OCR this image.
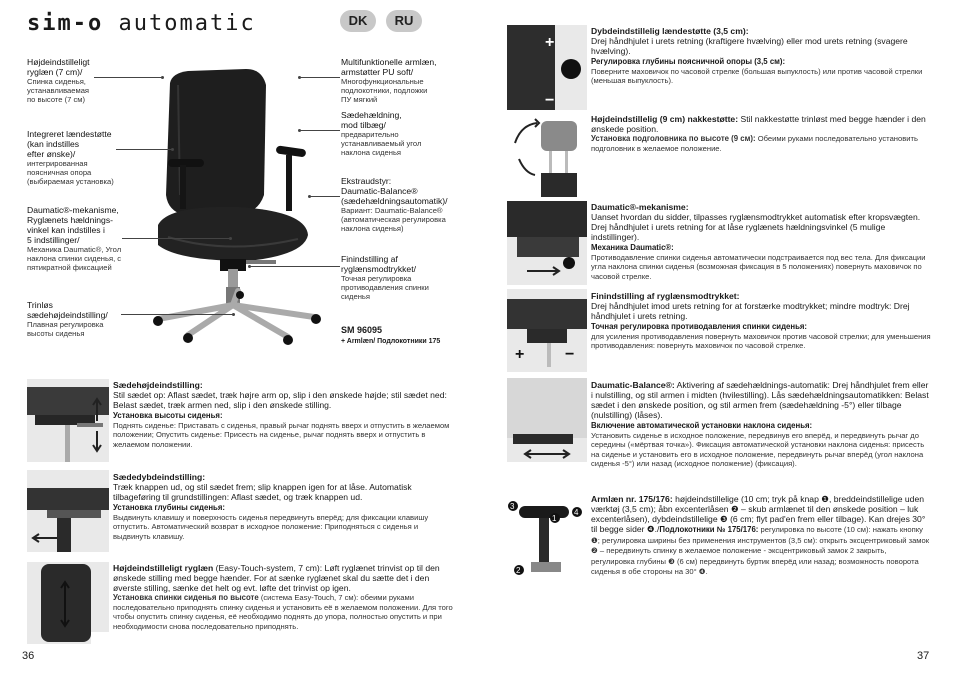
sim-o automatic	DK	RU
Højdeindstilleligt
ryglæn (7 cm)/
Спинка сиденья,
устанавливаемая
по высоте (7 см)
Integreret lændestøtte
(kan indstilles
efter ønske)/
интегрированная
поясничная опора
(выбираемая установка)
Daumatic®-mekanisme,
Ryglænets hældnings-
vinkel kan indstilles i
5 indstillinger/
Механика Daumatic®, Угол
наклона спинки сиденья, с
пятикратной фиксацией
Trinløs
sædehøjdeindstilling/
Плавная регулировка
высоты сиденья
Multifunktionelle armlæn,
armstøtter PU soft/
Многофункциональные
подлокотники, подложки
ПУ мягкий
Sædehældning,
mod tilbæg/
предварительно
устанавливаемый угол
наклона сиденья
Ekstraudstyr:
Daumatic-Balance®
(sædehældningsautomatik)/
Вариант: Daumatic-Balance®
(автоматическая регулировка
наклона сиденья)
Finindstilling af
ryglænsmodtrykket/
Точная регулировка
противодавления спинки
сиденья
SM 96095
+ Armlæn/ Подлокотники 175
Sædehøjdeindstilling:
Stil sædet op: Aflast sædet, træk højre arm op, slip i den ønskede højde; stil sædet ned: Belast sædet, træk armen ned, slip i den ønskede stilling.
Установка высоты сиденья:
Поднять сиденье: Приставать с сиденья, правый рычаг поднять вверх и отпустить в желаемом положении; Опустить сиденье: Присесть на сиденье, рычаг поднять вверх и отпустить в желаемом положении.
Sædedybdeindstilling:
Træk knappen ud, og stil sædet frem; slip knappen igen for at låse. Automatisk tilbageføring til grundstillingen: Aflast sædet, og træk knappen ud.
Установка глубины сиденья:
Выдвинуть клавишу и поверхность сиденья передвинуть вперёд; для фиксации клавишу отпустить. Автоматический возврат в исходное положение: Приподняться с сиденья и выдвинуть клавишу.
Højdeindstilleligt ryglæn (Easy-Touch-system, 7 cm): Løft ryglænet trinvist op til den ønskede stilling med begge hænder. For at sænke ryglænet skal du sætte det i den øverste stilling, sænke det helt og evt. løfte det trinvist op igen.
Установка спинки сиденья по высоте (система Easy-Touch, 7 см): обеими руками последовательно приподнять спинку сиденья и установить её в желаемом положении. Для того чтобы опустить спинку сиденья, её необходимо поднять до упора, полностью опустить и при необходимости снова последовательно приподнять.
36
+
−
Dybdeindstillelig lændestøtte (3,5 cm):
Drej håndhjulet i urets retning (kraftigere hvælving) eller mod urets retning (svagere hvælving).
Регулировка глубины поясничной опоры (3,5 см):
Повернитe маховичок по часовой стрелке (большая выпуклость) или против часовой стрелки (меньшая выпуклость).
Højdeindstillelig (9 cm) nakkestøtte: Stil nakkestøtte trinløst med begge hænder i den ønskede position.
Установка подголовника по высоте (9 см): Обеими руками последовательно установить подголовник в желаемое положение.
Daumatic®-mekanisme:
Uanset hvordan du sidder, tilpasses ryglænsmodtrykket automatisk efter kropsvægten. Drej håndhjulet i urets retning for at låse ryglænets hældningsvinkel (5 mulige indstillinger).
Механика Daumatic®:
Противодавление спинки сиденья автоматически подстраивается под вес тела. Для фиксации угла наклона спинки сиденья (возможная фиксация в 5 положениях) повернуть маховичок по часовой стрелке.
+	−
Finindstilling af ryglænsmodtrykket:
Drej håndhjulet imod urets retning for at forstærke modtrykket; mindre modtryk: Drej håndhjulet i urets retning.
Точная регулировка противодавления спинки сиденья:
для усиления противодавления повернуть маховичок против часовой стрелки; для уменьшения противодавления: повернуть маховичок по часовой стрелке.
Daumatic-Balance®: Aktivering af sædehældnings-automatik: Drej håndhjulet frem eller i nulstilling, og stil armen i midten (hvilestilling). Lås sædehældningsautomatikken: Belast sædet i den ønskede position, og stil armen frem (sædehældning -5°) eller tilbage (nulstilling) (låses).
Включение автоматической установки наклона сиденья:
Установить сиденье в исходное положение, передвинув его вперёд, и передвинуть рычаг до середины («мёртвая точка»). Фиксация автоматической установки наклона сиденья: присесть на сиденье и установить его в исходное положение, передвинуть рычаг вперёд (угол наклона сиденья -5°) или назад (исходное положение) (фиксация).
3
4
1
2
Armlæn nr. 175/176: højdeindstillelige (10 cm; tryk på knap ❶, breddeindstillelige uden værktøj (3,5 cm); åbn excenterlåsen ❷ – skub armlænet til den ønskede position – luk excenterlåsen), dybdeindstillelige ❸ (6 cm; flyt pad'en frem eller tilbage). Kan drejes 30° til begge sider ❹./Подлокотники № 175/176: регулировка по высоте (10 см): нажать кнопку ❶; регулировка ширины без применения инструментов (3,5 см): открыть эксцентриковый замок ❷ – передвинуть спинку в желаемое положение - эксцентриковый замок 2 закрыть, регулировка глубины ❸ (6 см) передвинуть буртик вперёд или назад; возможность поворота сиденья в обе стороны на 30° ❹.
37
